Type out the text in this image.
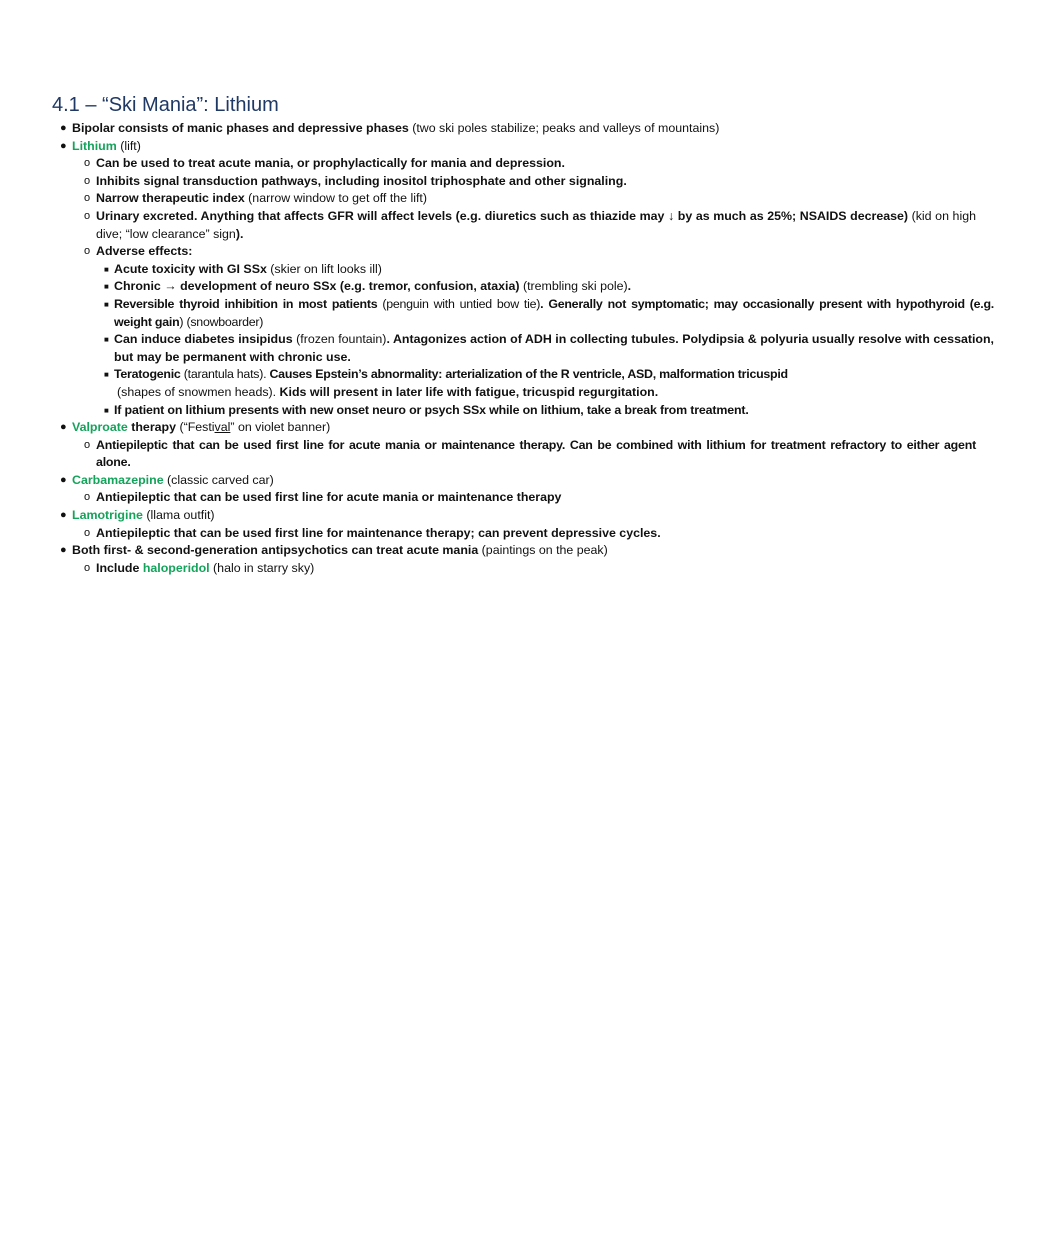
4.1 – “Ski Mania”: Lithium
● Bipolar consists of manic phases and depressive phases (two ski poles stabilize; peaks and valleys of mountains)
● Lithium (lift)
o Can be used to treat acute mania, or prophylactically for mania and depression.
o Inhibits signal transduction pathways, including inositol triphosphate and other signaling.
o Narrow therapeutic index (narrow window to get off the lift)
o Urinary excreted. Anything that affects GFR will affect levels (e.g. diuretics such as thiazide may ↓ by as much as 25%; NSAIDS decrease) (kid on high dive; “low clearance” sign).
o Adverse effects:
■ Acute toxicity with GI SSx (skier on lift looks ill)
■ Chronic → development of neuro SSx (e.g. tremor, confusion, ataxia) (trembling ski pole).
■ Reversible thyroid inhibition in most patients (penguin with untied bow tie). Generally not symptomatic; may occasionally present with hypothyroid (e.g. weight gain) (snowboarder)
■ Can induce diabetes insipidus (frozen fountain). Antagonizes action of ADH in collecting tubules. Polydipsia & polyuria usually resolve with cessation, but may be permanent with chronic use.
■ Teratogenic (tarantula hats). Causes Epstein’s abnormality: arterialization of the R ventricle, ASD, malformation tricuspid
(shapes of snowmen heads). Kids will present in later life with fatigue, tricuspid regurgitation.
■ If patient on lithium presents with new onset neuro or psych SSx while on lithium, take a break from treatment.
● Valproate therapy (“Festival” on violet banner)
o Antiepileptic that can be used first line for acute mania or maintenance therapy. Can be combined with lithium for treatment refractory to either agent alone.
● Carbamazepine (classic carved car)
o Antiepileptic that can be used first line for acute mania or maintenance therapy
● Lamotrigine (llama outfit)
o Antiepileptic that can be used first line for maintenance therapy; can prevent depressive cycles.
● Both first- & second-generation antipsychotics can treat acute mania (paintings on the peak)
o Include haloperidol (halo in starry sky)
